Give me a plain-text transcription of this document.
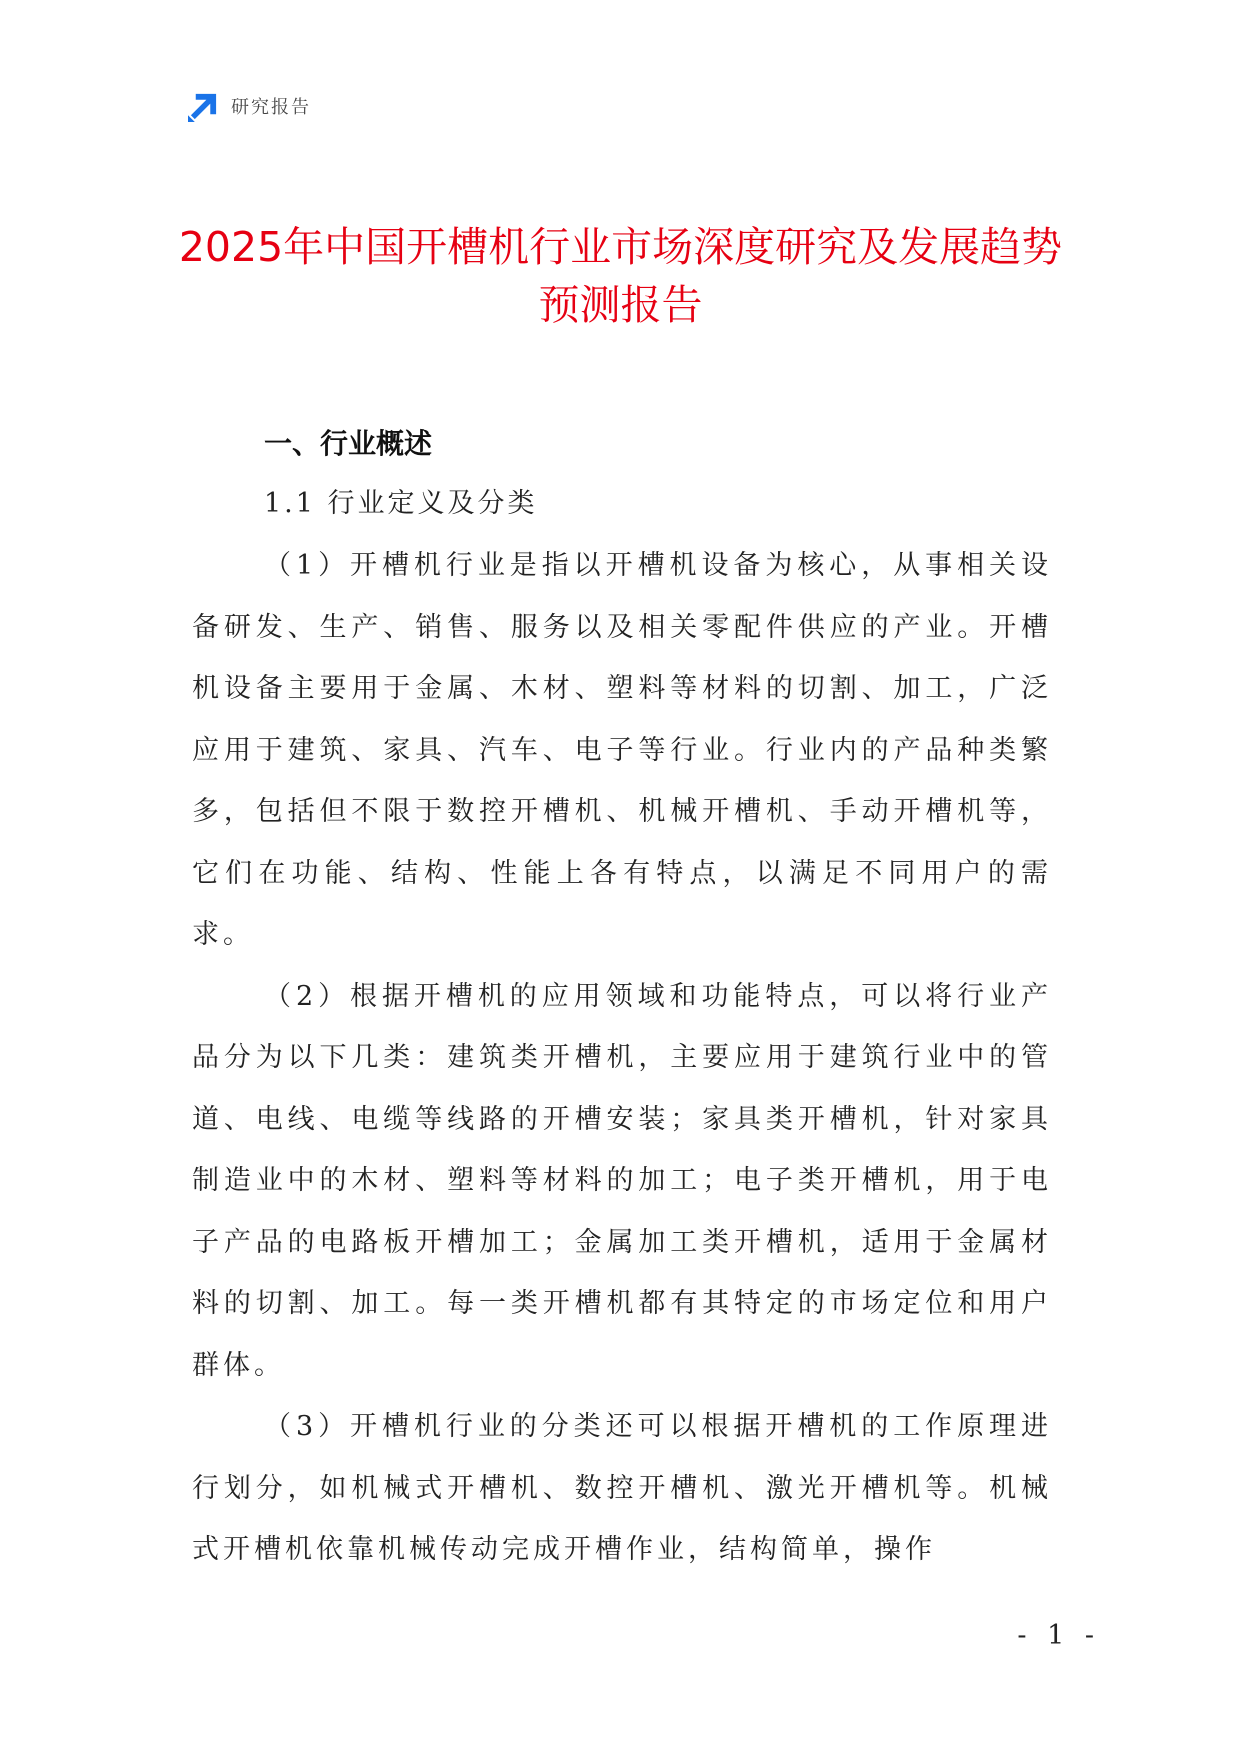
研究报告
2025年中国开槽机行业市场深度研究及发展趋势预测报告
一、行业概述
1.1 行业定义及分类

（1）开槽机行业是指以开槽机设备为核心，从事相关设备研发、生产、销售、服务以及相关零配件供应的产业。开槽机设备主要用于金属、木材、塑料等材料的切割、加工，广泛应用于建筑、家具、汽车、电子等行业。行业内的产品种类繁多，包括但不限于数控开槽机、机械开槽机、手动开槽机等，它们在功能、结构、性能上各有特点，以满足不同用户的需求。

（2）根据开槽机的应用领域和功能特点，可以将行业产品分为以下几类：建筑类开槽机，主要应用于建筑行业中的管道、电线、电缆等线路的开槽安装；家具类开槽机，针对家具制造业中的木材、塑料等材料的加工；电子类开槽机，用于电子产品的电路板开槽加工；金属加工类开槽机，适用于金属材料的切割、加工。每一类开槽机都有其特定的市场定位和用户群体。

（3）开槽机行业的分类还可以根据开槽机的工作原理进行划分，如机械式开槽机、数控开槽机、激光开槽机等。机械式开槽机依靠机械传动完成开槽作业，结构简单，操作

- 1 -
